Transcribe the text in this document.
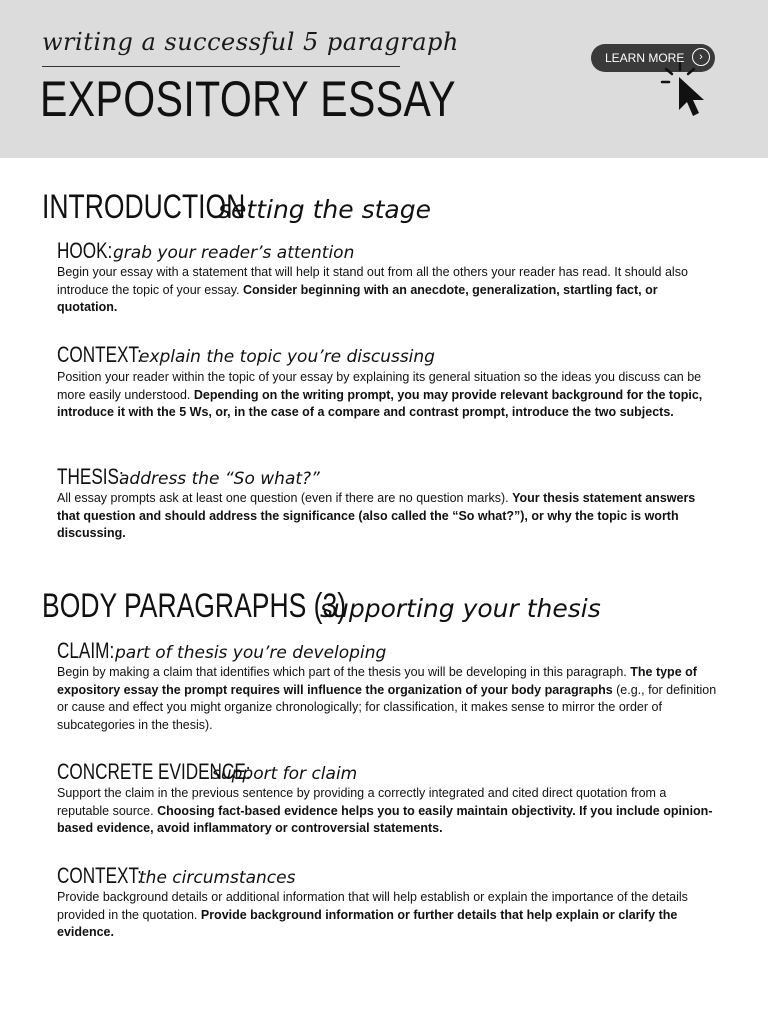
writing a successful 5 paragraph
EXPOSITORY ESSAY
LEARN MORE	›
INTRODUCTION
setting the stage
HOOK: grab your reader’s attention
Begin your essay with a statement that will help it stand out from all the others your reader has read. It should also introduce the topic of your essay. Consider beginning with an anecdote, generalization, startling fact, or quotation.
CONTEXT:
explain the topic you’re discussing
Position your reader within the topic of your essay by explaining its general situation so the ideas you discuss can be more easily understood. Depending on the writing prompt, you may provide relevant background for the topic, introduce it with the 5 Ws, or, in the case of a compare and contrast prompt, introduce the two subjects.
THESIS:
address the “So what?”
All essay prompts ask at least one question (even if there are no question marks). Your thesis statement answers that question and should address the significance (also called the “So what?”), or why the topic is worth discussing.
BODY PARAGRAPHS (3)
supporting your thesis
CLAIM: part of thesis you’re developing
Begin by making a claim that identifies which part of the thesis you will be developing in this paragraph. The type of expository essay the prompt requires will influence the organization of your body paragraphs (e.g., for definition or cause and effect you might organize chronologically; for classification, it makes sense to mirror the order of subcategories in the thesis).
CONCRETE EVIDENCE:
support for claim
Support the claim in the previous sentence by providing a correctly integrated and cited direct quotation from a reputable source. Choosing fact-based evidence helps you to easily maintain objectivity. If you include opinion-based evidence, avoid inflammatory or controversial statements.
CONTEXT:
the circumstances
Provide background details or additional information that will help establish or explain the importance of the details provided in the quotation. Provide background information or further details that help explain or clarify the evidence.
